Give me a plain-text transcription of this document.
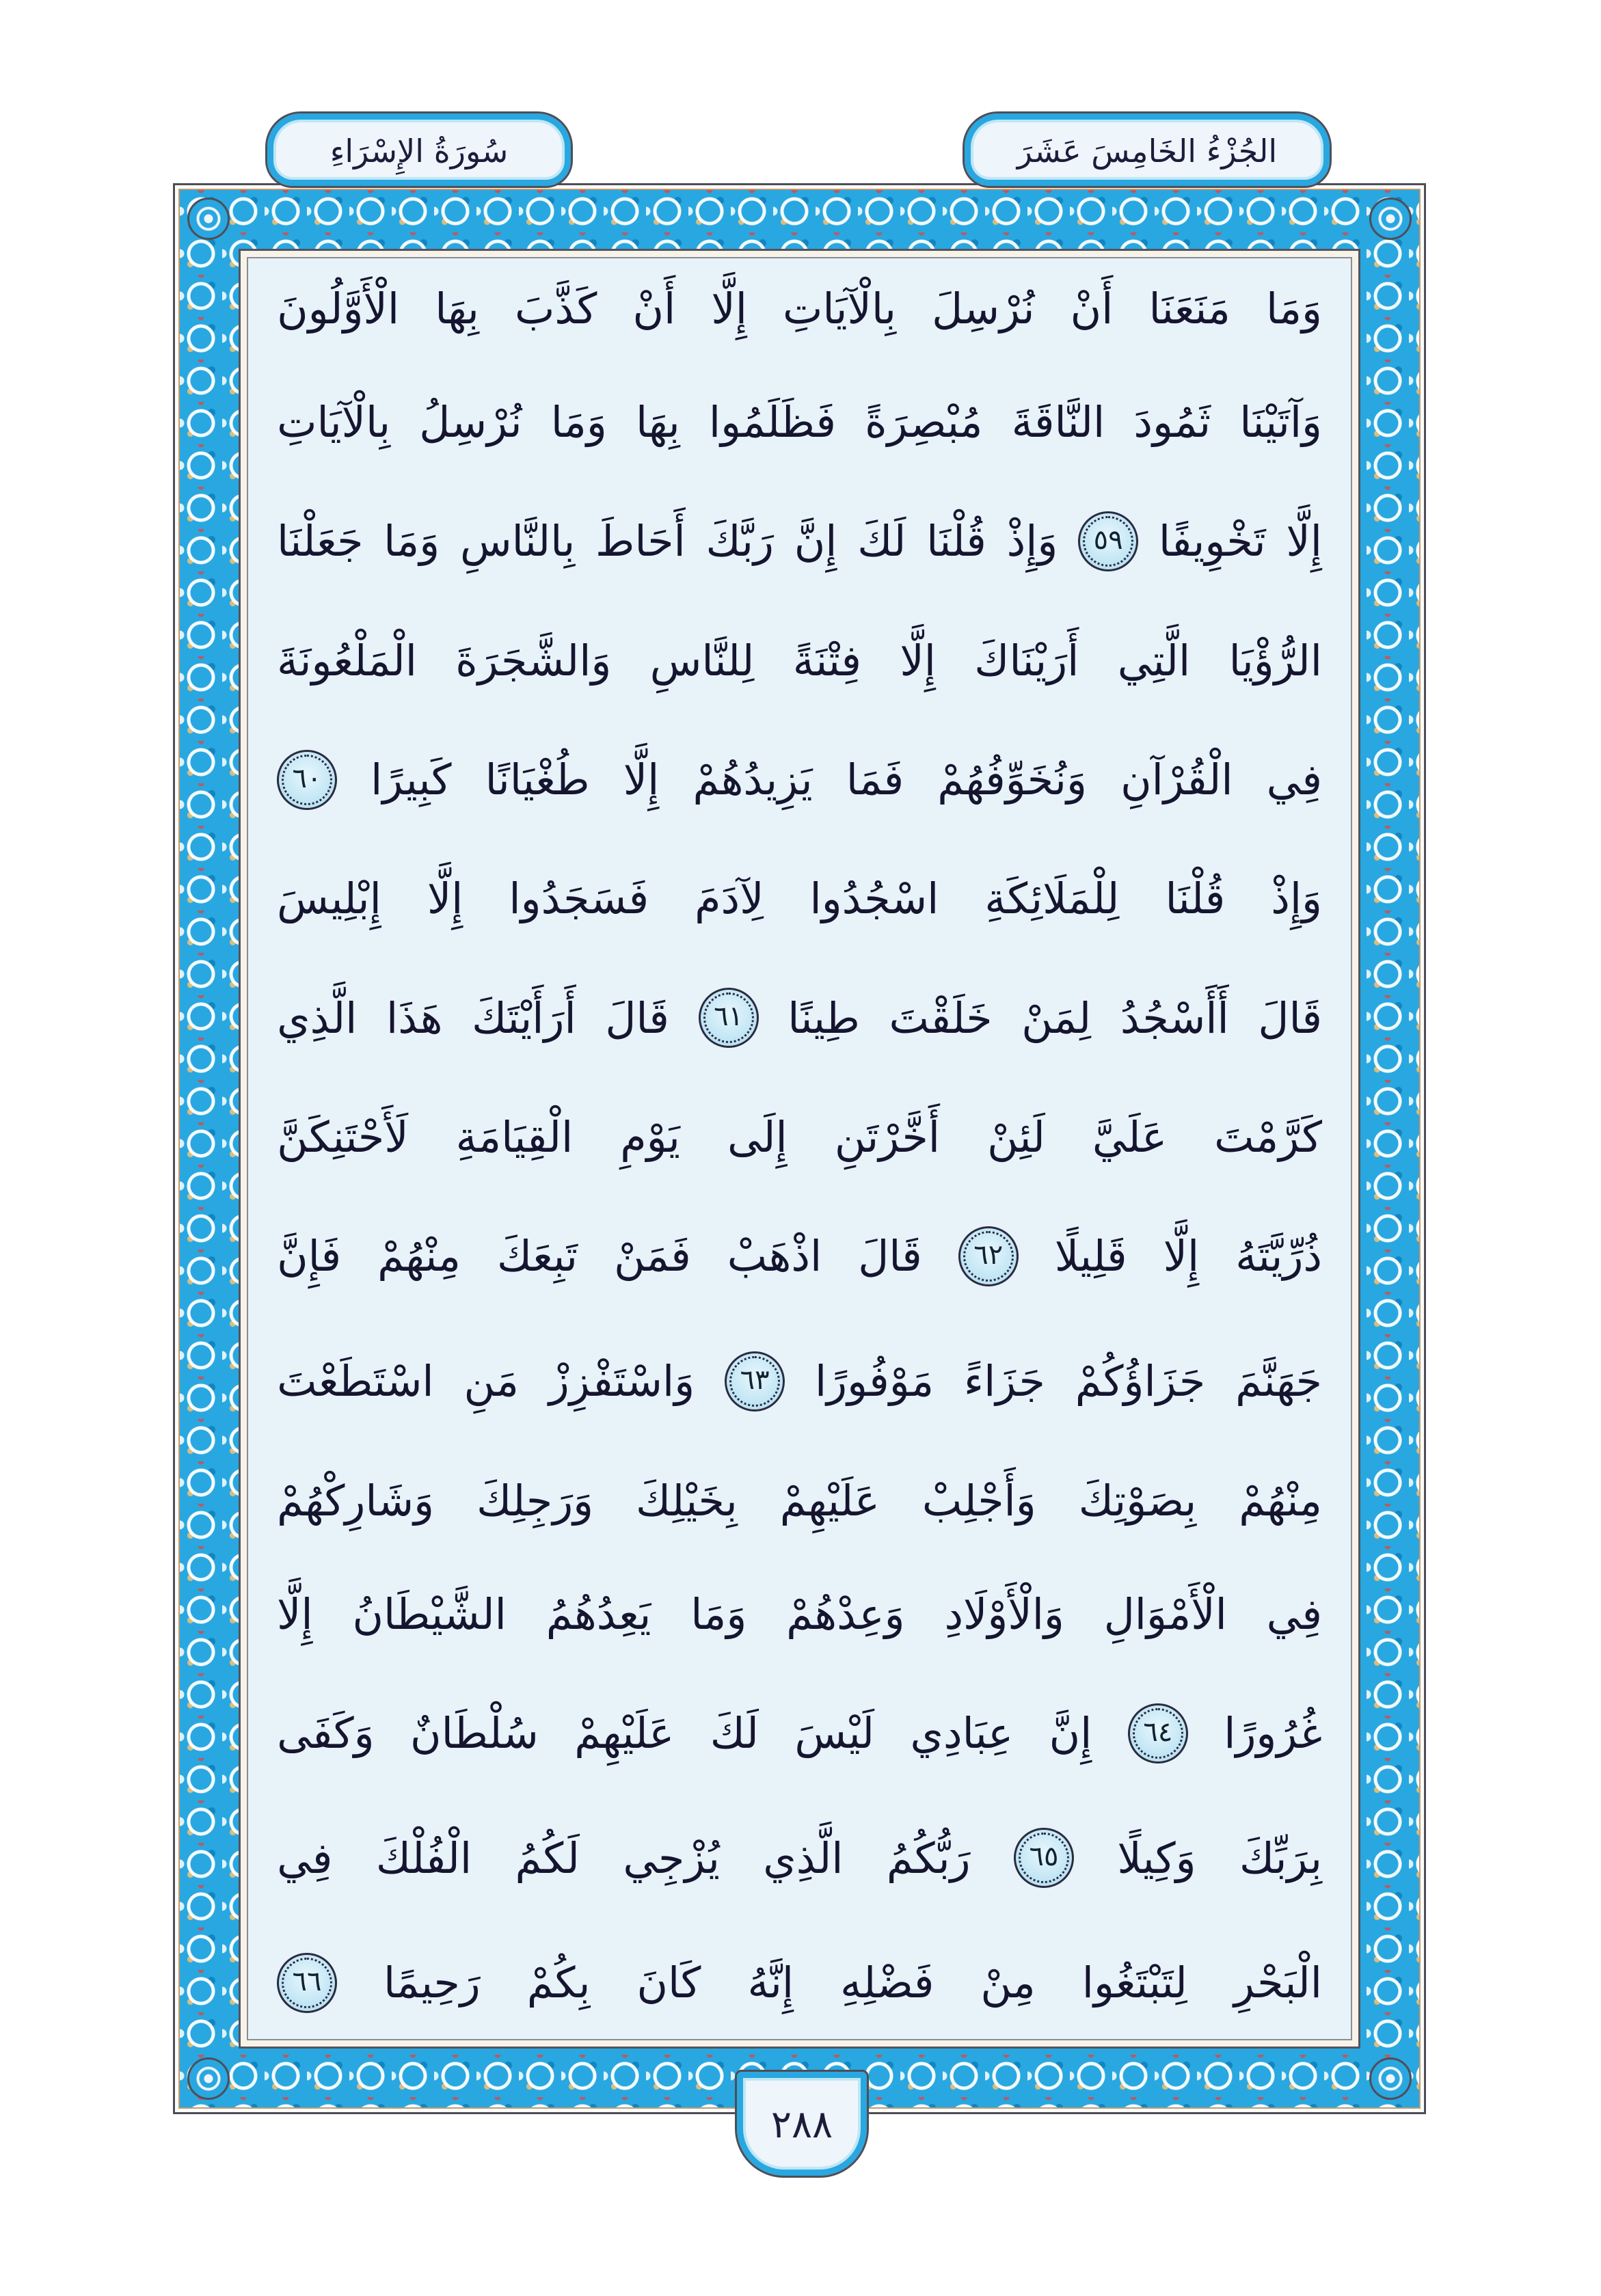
وَمَا
مَنَعَنَا
أَنْ
نُرْسِلَ
بِالْآيَاتِ
إِلَّا
أَنْ
كَذَّبَ
بِهَا
الْأَوَّلُونَ
وَآتَيْنَا
ثَمُودَ
النَّاقَةَ
مُبْصِرَةً
فَظَلَمُوا
بِهَا
وَمَا
نُرْسِلُ
بِالْآيَاتِ
إِلَّا
تَخْوِيفًا
٥٩
وَإِذْ
قُلْنَا
لَكَ
إِنَّ
رَبَّكَ
أَحَاطَ
بِالنَّاسِ
وَمَا
جَعَلْنَا
الرُّؤْيَا
الَّتِي
أَرَيْنَاكَ
إِلَّا
فِتْنَةً
لِلنَّاسِ
وَالشَّجَرَةَ
الْمَلْعُونَةَ
فِي
الْقُرْآنِ
وَنُخَوِّفُهُمْ
فَمَا
يَزِيدُهُمْ
إِلَّا
طُغْيَانًا
كَبِيرًا
٦٠
وَإِذْ
قُلْنَا
لِلْمَلَائِكَةِ
اسْجُدُوا
لِآدَمَ
فَسَجَدُوا
إِلَّا
إِبْلِيسَ
قَالَ
أَأَسْجُدُ
لِمَنْ
خَلَقْتَ
طِينًا
٦١
قَالَ
أَرَأَيْتَكَ
هَذَا
الَّذِي
كَرَّمْتَ
عَلَيَّ
لَئِنْ
أَخَّرْتَنِ
إِلَى
يَوْمِ
الْقِيَامَةِ
لَأَحْتَنِكَنَّ
ذُرِّيَّتَهُ
إِلَّا
قَلِيلًا
٦٢
قَالَ
اذْهَبْ
فَمَنْ
تَبِعَكَ
مِنْهُمْ
فَإِنَّ
جَهَنَّمَ
جَزَاؤُكُمْ
جَزَاءً
مَوْفُورًا
٦٣
وَاسْتَفْزِزْ
مَنِ
اسْتَطَعْتَ
مِنْهُمْ
بِصَوْتِكَ
وَأَجْلِبْ
عَلَيْهِمْ
بِخَيْلِكَ
وَرَجِلِكَ
وَشَارِكْهُمْ
فِي
الْأَمْوَالِ
وَالْأَوْلَادِ
وَعِدْهُمْ
وَمَا
يَعِدُهُمُ
الشَّيْطَانُ
إِلَّا
غُرُورًا
٦٤
إِنَّ
عِبَادِي
لَيْسَ
لَكَ
عَلَيْهِمْ
سُلْطَانٌ
وَكَفَى
بِرَبِّكَ
وَكِيلًا
٦٥
رَبُّكُمُ
الَّذِي
يُزْجِي
لَكُمُ
الْفُلْكَ
فِي
الْبَحْرِ
لِتَبْتَغُوا
مِنْ
فَضْلِهِ
إِنَّهُ
كَانَ
بِكُمْ
رَحِيمًا
٦٦
سُورَةُ الإِسْرَاءِ	الجُزْءُ الخَامِسَ عَشَرَ
٢٨٨
